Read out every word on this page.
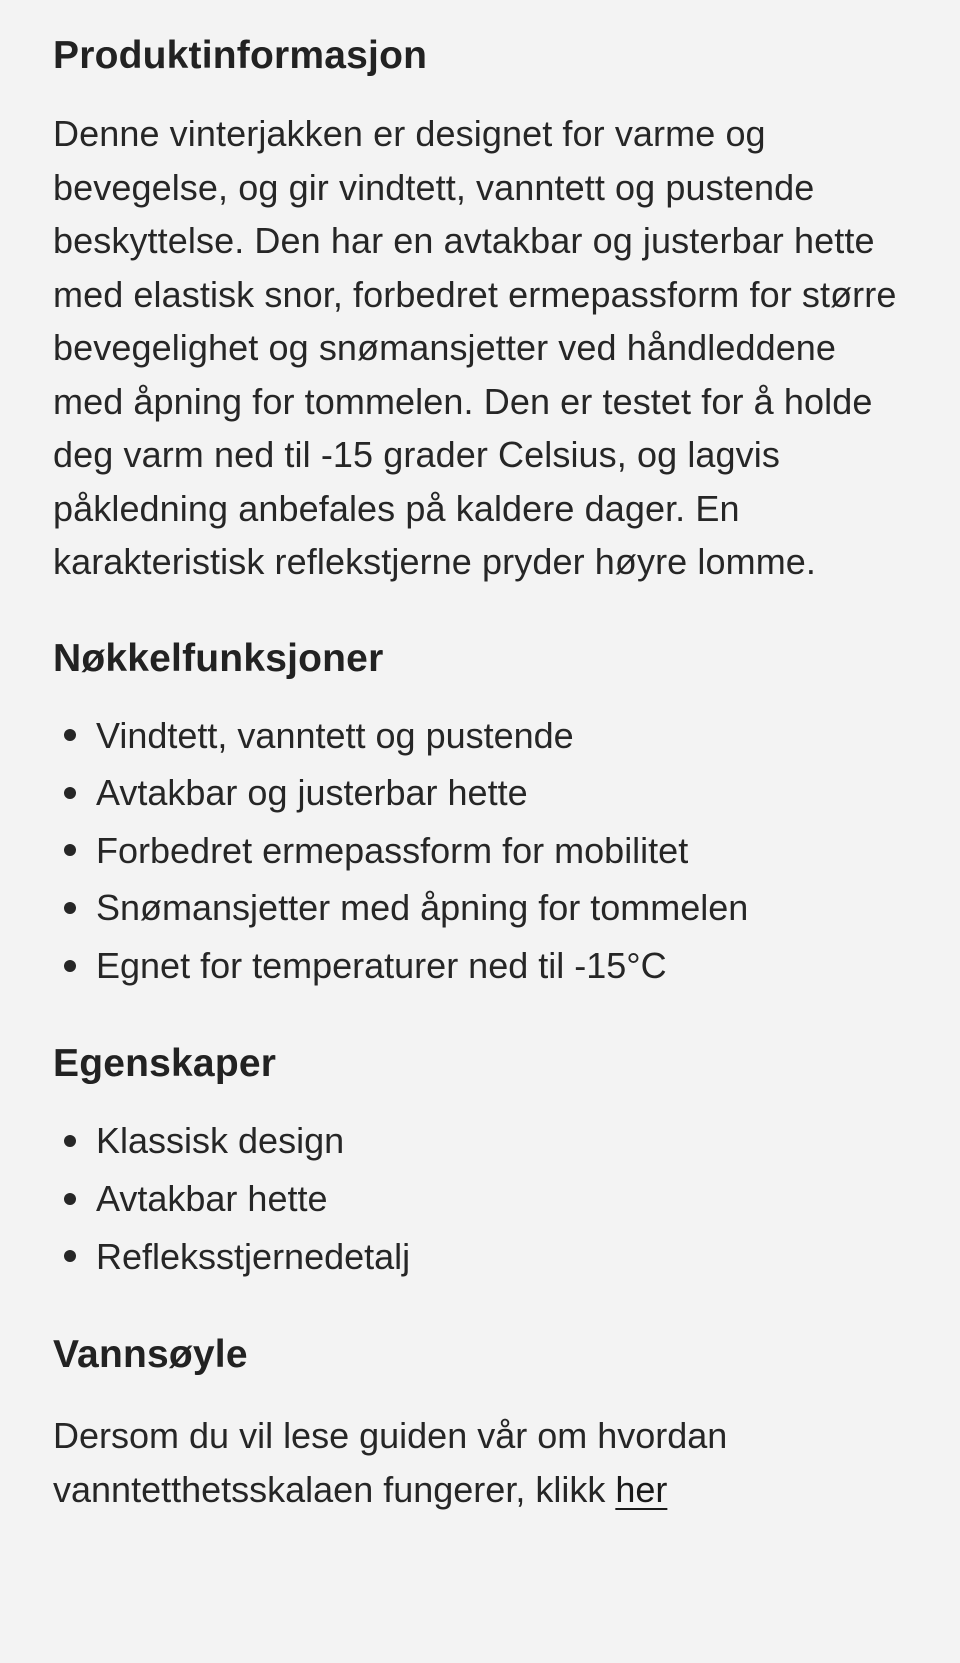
Produktinformasjon

Denne vinterjakken er designet for varme og bevegelse, og gir vindtett, vanntett og pustende beskyttelse. Den har en avtakbar og justerbar hette med elastisk snor, forbedret ermepassform for større bevegelighet og snømansjetter ved håndleddene med åpning for tommelen. Den er testet for å holde deg varm ned til -15 grader Celsius, og lagvis påkledning anbefales på kaldere dager. En karakteristisk reflekstjerne pryder høyre lomme.

Nøkkelfunksjoner
Vindtett, vanntett og pustende
Avtakbar og justerbar hette
Forbedret ermepassform for mobilitet
Snømansjetter med åpning for tommelen
Egnet for temperaturer ned til -15°C
Egenskaper
Klassisk design
Avtakbar hette
Refleksstjernedetalj
Vannsøyle

Dersom du vil lese guiden vår om hvordan vanntetthetsskalaen fungerer, klikk her
